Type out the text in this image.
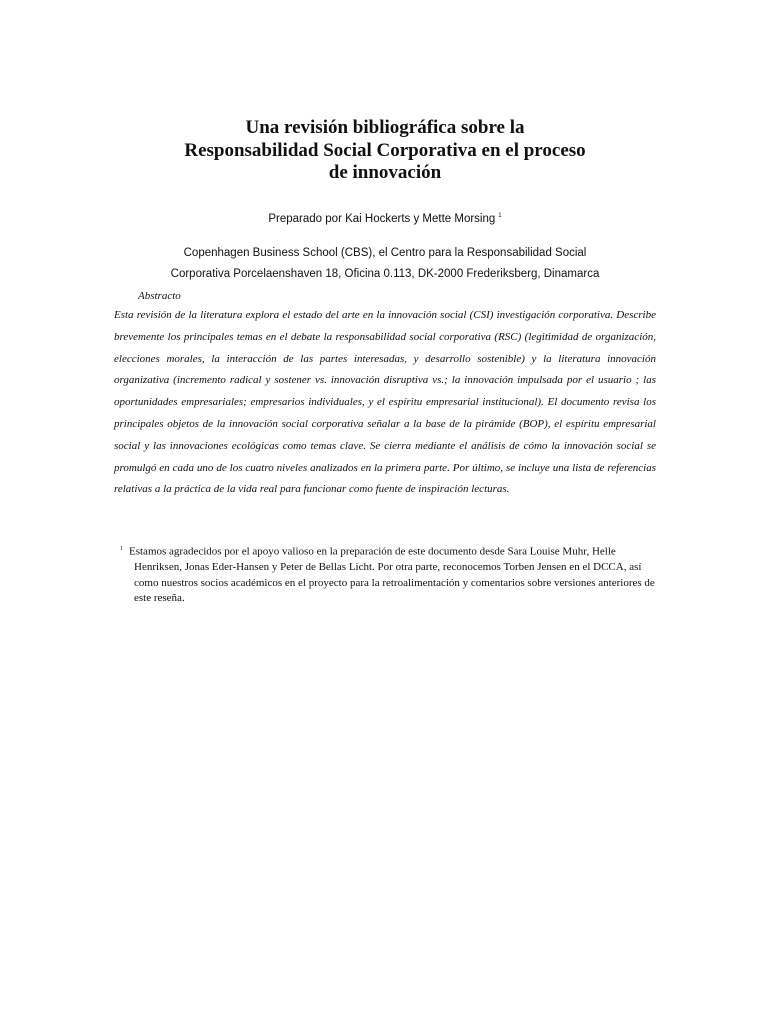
Una revisión bibliográfica sobre la
Responsabilidad Social Corporativa en el proceso
de innovación
Preparado por Kai Hockerts y Mette Morsing $^1$
Copenhagen Business School (CBS), el Centro para la Responsabilidad Social
Corporativa Porcelaenshaven 18, Oficina 0.113, DK-2000 Frederiksberg, Dinamarca
Abstracto

Esta revisión de la literatura explora el estado del arte en la innovación social (CSI) investigación corporativa. Describe brevemente los principales temas en el debate la responsabilidad social corporativa (RSC) (legitimidad de organización, elecciones morales, la interacción de las partes interesadas, y desarrollo sostenible) y la literatura innovación organizativa (incremento radical y sostener vs. innovación disruptiva vs.; la innovación impulsada por el usuario ; las oportunidades empresariales; empresarios individuales, y el espíritu empresarial institucional). El documento revisa los principales objetos de la innovación social corporativa señalar a la base de la pirámide (BOP), el espíritu empresarial social y las innovaciones ecológicas como temas clave. Se cierra mediante el análisis de cómo la innovación social se promulgó en cada uno de los cuatro niveles analizados en la primera parte. Por último, se incluye una lista de referencias relativas a la práctica de la vida real para funcionar como fuente de inspiración lecturas.

$^1$ Estamos agradecidos por el apoyo valioso en la preparación de este documento desde Sara Louise Muhr, Helle Henriksen, Jonas Eder-Hansen y Peter de Bellas Licht. Por otra parte, reconocemos Torben Jensen en el DCCA, así como nuestros socios académicos en el proyecto para la retroalimentación y comentarios sobre versiones anteriores de este reseña.
